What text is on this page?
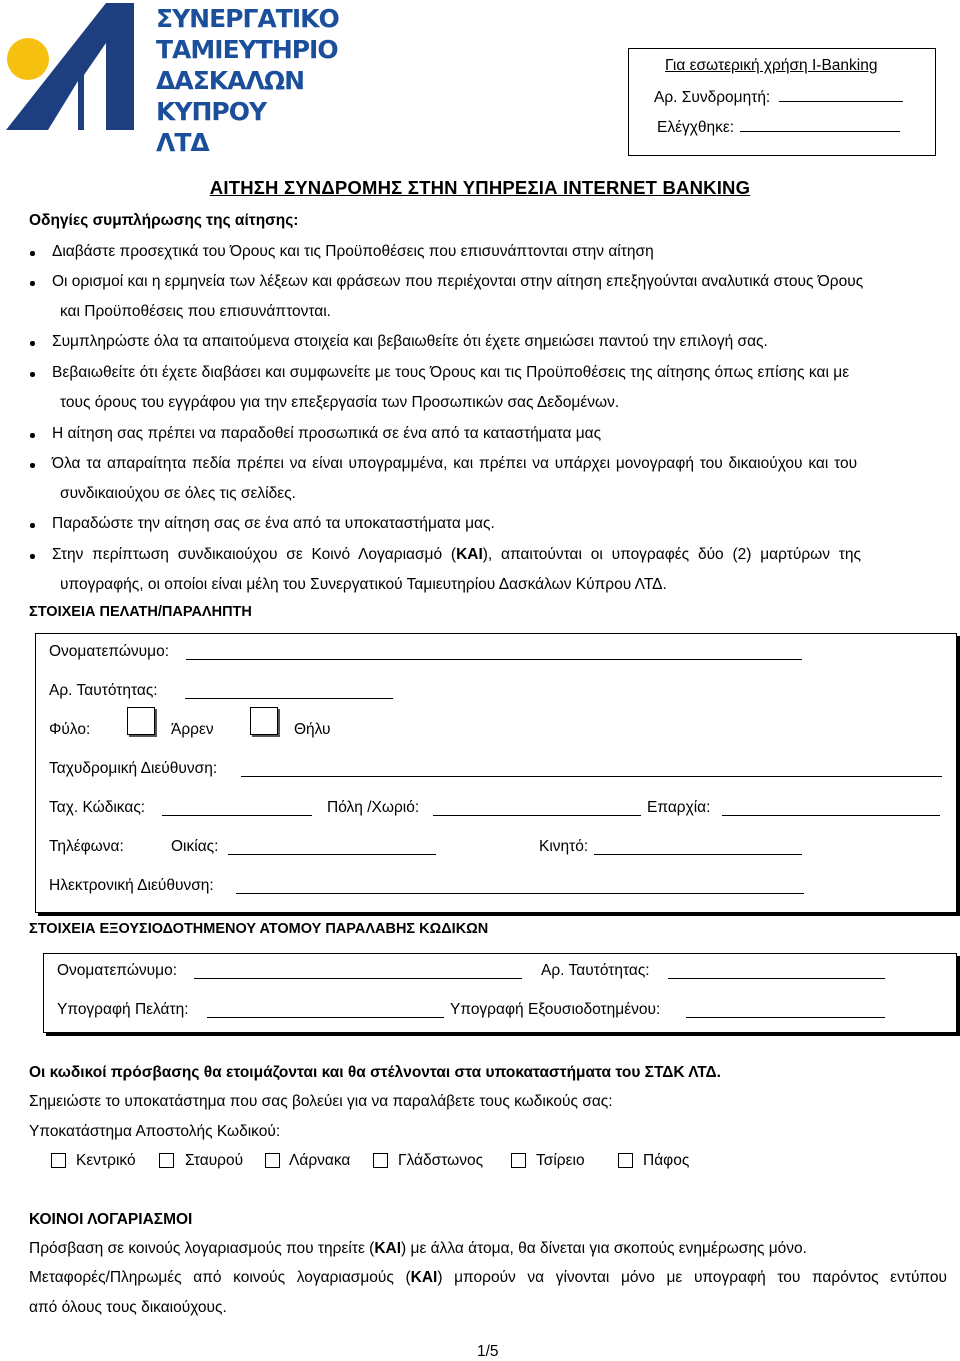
ΣΥΝΕΡΓΑΤΙΚΟ
ΤΑΜΙΕΥΤΗΡΙΟ
ΔΑΣΚΑΛΩΝ
ΚΥΠΡΟΥ ΛΤΔ
Για εσωτερική χρήση I-Banking
Αρ. Συνδρομητή:
Ελέγχθηκε:
ΑΙΤΗΣΗ ΣΥΝΔΡΟΜΗΣ ΣΤΗΝ ΥΠΗΡΕΣΙΑ INTERNET BANKING
Οδηγίες συμπλήρωσης της αίτησης:
Διαβάστε προσεχτικά του Όρους και τις Προϋποθέσεις που επισυνάπτονται στην αίτηση
Οι ορισμοί και η ερμηνεία των λέξεων και φράσεων που περιέχονται στην αίτηση επεξηγούνται αναλυτικά στους Όρους
και Προϋποθέσεις που επισυνάπτονται.
Συμπληρώστε όλα τα απαιτούμενα στοιχεία και βεβαιωθείτε ότι έχετε σημειώσει παντού την επιλογή σας.
Βεβαιωθείτε ότι έχετε διαβάσει και συμφωνείτε με τους Όρους και τις Προϋποθέσεις της αίτησης όπως επίσης και με
τους όρους του εγγράφου για την επεξεργασία των Προσωπικών σας Δεδομένων.
Η αίτηση σας πρέπει να παραδοθεί προσωπικά σε ένα από τα καταστήματα μας
Όλα τα απαραίτητα πεδία πρέπει να είναι υπογραμμένα, και πρέπει να υπάρχει μονογραφή του δικαιούχου και του
συνδικαιούχου σε όλες τις σελίδες.
Παραδώστε την αίτηση σας σε ένα από τα υποκαταστήματα μας.
Στην περίπτωση συνδικαιούχου σε Κοινό Λογαριασμό (ΚΑΙ), απαιτούνται οι υπογραφές δύο (2) μαρτύρων της
υπογραφής, οι οποίοι είναι μέλη του Συνεργατικού Ταμιευτηρίου Δασκάλων Κύπρου ΛΤΔ.
ΣΤΟΙΧΕΙΑ ΠΕΛΑΤΗ/ΠΑΡΑΛΗΠΤΗ
Ονοματεπώνυμο:
Αρ. Ταυτότητας:
Φύλο:	Άρρεν	Θήλυ
Ταχυδρομική Διεύθυνση:
Ταχ. Κώδικας:	Πόλη /Χωριό:	Επαρχία:
Τηλέφωνα:	Οικίας:	Κινητό:
Ηλεκτρονική Διεύθυνση:
ΣΤΟΙΧΕΙΑ ΕΞΟΥΣΙΟΔΟΤΗΜΕΝΟΥ ΑΤΟΜΟΥ ΠΑΡΑΛΑΒΗΣ ΚΩΔΙΚΩΝ
Ονοματεπώνυμο:	Αρ. Ταυτότητας:
Υπογραφή Πελάτη:	Υπογραφή Εξουσιοδοτημένου:
Οι κωδικοί πρόσβασης θα ετοιμάζονται και θα στέλνονται στα υποκαταστήματα του ΣΤΔΚ ΛΤΔ.
Σημειώστε το υποκατάστημα που σας βολεύει για να παραλάβετε τους κωδικούς σας:
Υποκατάστημα Αποστολής Κωδικού:
Κεντρικό	Σταυρού	Λάρνακα	Γλάδστωνος	Τσίρειο	Πάφος
ΚΟΙΝΟΙ ΛΟΓΑΡΙΑΣΜΟΙ
Πρόσβαση σε κοινούς λογαριασμούς που τηρείτε (ΚΑΙ) με άλλα άτομα, θα δίνεται για σκοπούς ενημέρωσης μόνο.
Μεταφορές/Πληρωμές από κοινούς λογαριασμούς (ΚΑΙ) μπορούν να γίνονται μόνο με υπογραφή του παρόντος εντύπου
από όλους τους δικαιούχους.
1/5
